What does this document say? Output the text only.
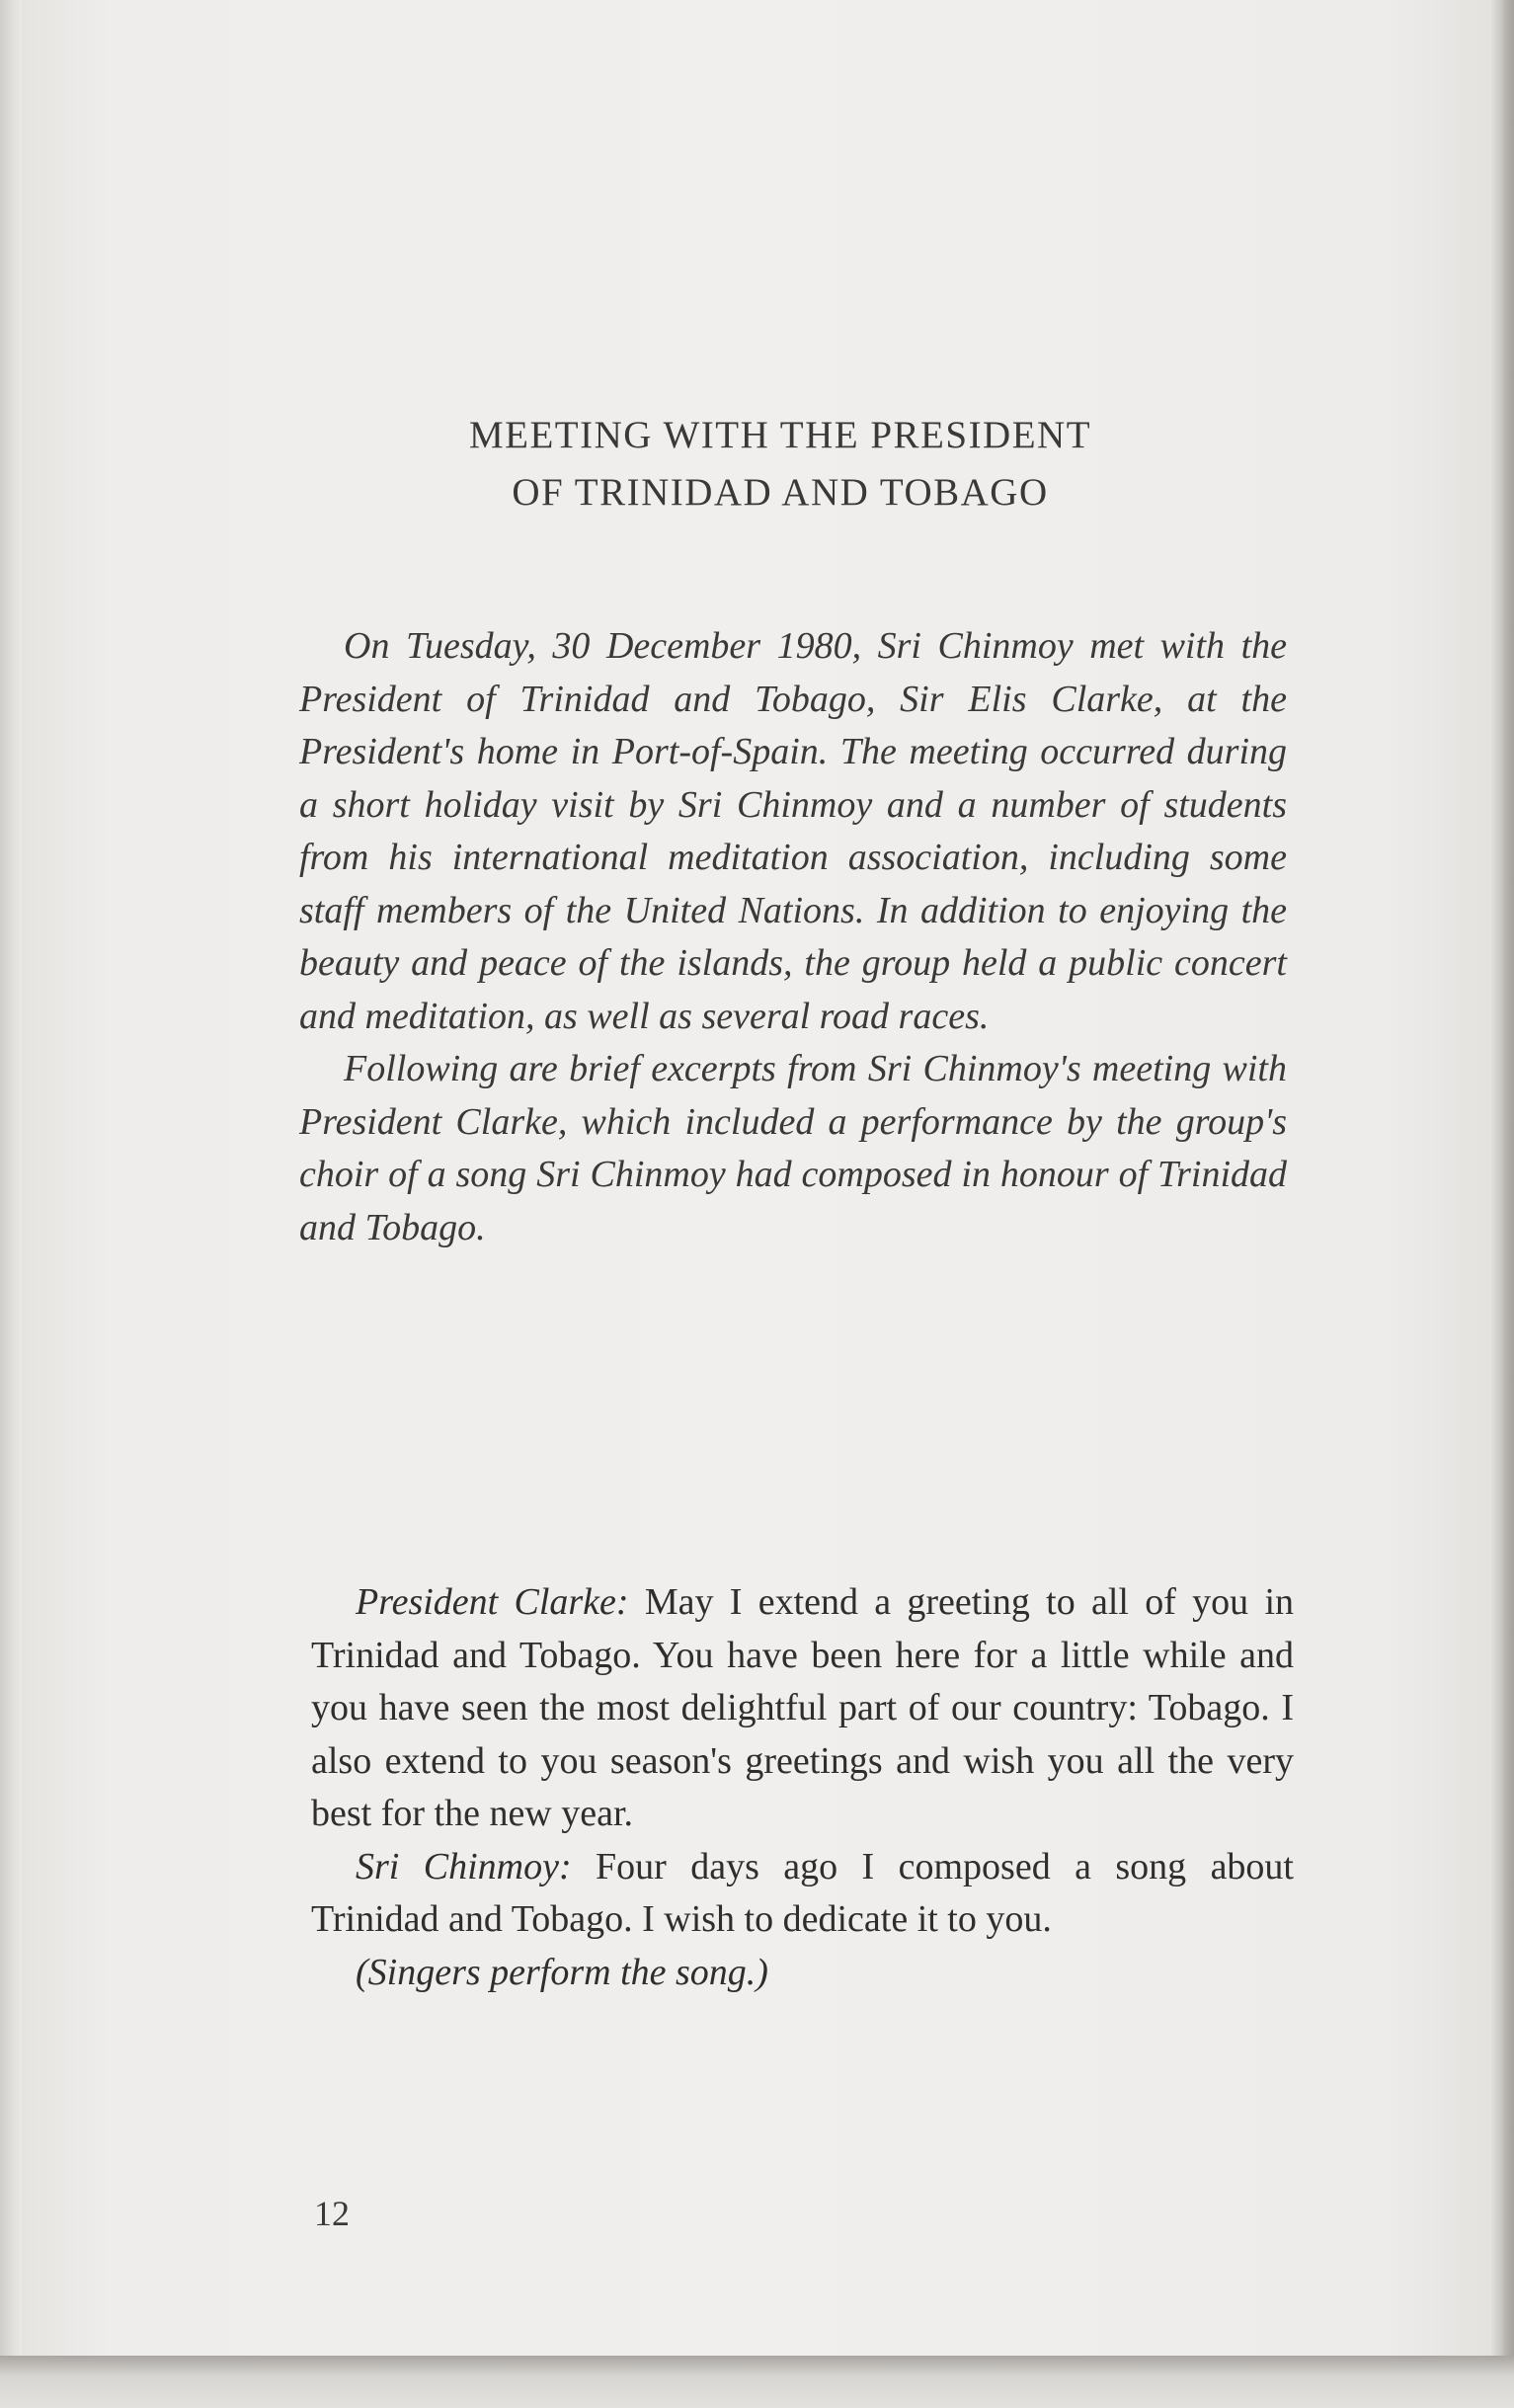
MEETING WITH THE PRESIDENT
OF TRINIDAD AND TOBAGO

On Tuesday, 30 December 1980, Sri Chinmoy met with the President of Trinidad and Tobago, Sir Elis Clarke, at the President's home in Port-of-Spain. The meeting occurred during a short holiday visit by Sri Chinmoy and a number of students from his international meditation association, including some staff members of the United Nations. In addition to enjoying the beauty and peace of the islands, the group held a public concert and meditation, as well as several road races.

Following are brief excerpts from Sri Chinmoy's meeting with President Clarke, which included a performance by the group's choir of a song Sri Chinmoy had composed in honour of Trinidad and Tobago.

President Clarke: May I extend a greeting to all of you in Trinidad and Tobago. You have been here for a little while and you have seen the most delightful part of our country: Tobago. I also extend to you season's greetings and wish you all the very best for the new year.

Sri Chinmoy: Four days ago I composed a song about Trinidad and Tobago. I wish to dedicate it to you.

(Singers perform the song.)

12
